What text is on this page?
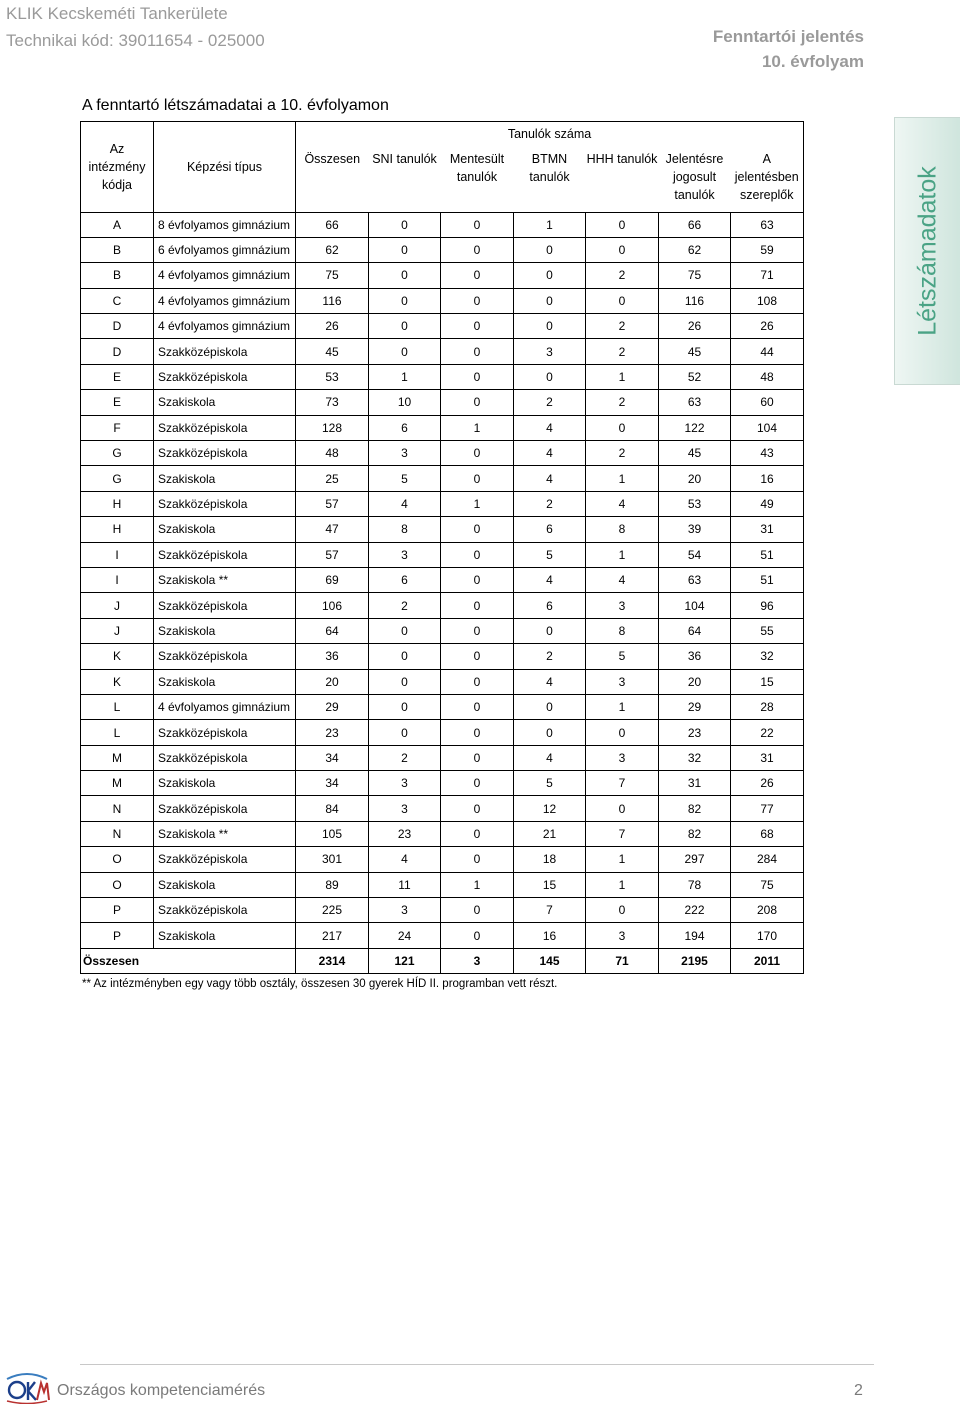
KLIK Kecskeméti Tankerülete
Technikai kód: 39011654 - 025000	Fenntartói jelentés
10. évfolyam
A fenntartó létszámadatai a 10. évfolyamon
Az intézmény kódja	Képzési típus	Tanulók száma						
		Összesen	SNI tanulók	Mentesült tanulók	BTMN tanulók	HHH tanulók	Jelentésre jogosult tanulók	A jelentésben szereplők
A	8 évfolyamos gimnázium	66	0	0	1	0	66	63
B	6 évfolyamos gimnázium	62	0	0	0	0	62	59
B	4 évfolyamos gimnázium	75	0	0	0	2	75	71
C	4 évfolyamos gimnázium	116	0	0	0	0	116	108
D	4 évfolyamos gimnázium	26	0	0	0	2	26	26
D	Szakközépiskola	45	0	0	3	2	45	44
E	Szakközépiskola	53	1	0	0	1	52	48
E	Szakiskola	73	10	0	2	2	63	60
F	Szakközépiskola	128	6	1	4	0	122	104
G	Szakközépiskola	48	3	0	4	2	45	43
G	Szakiskola	25	5	0	4	1	20	16
H	Szakközépiskola	57	4	1	2	4	53	49
H	Szakiskola	47	8	0	6	8	39	31
I	Szakközépiskola	57	3	0	5	1	54	51
I	Szakiskola **	69	6	0	4	4	63	51
J	Szakközépiskola	106	2	0	6	3	104	96
J	Szakiskola	64	0	0	0	8	64	55
K	Szakközépiskola	36	0	0	2	5	36	32
K	Szakiskola	20	0	0	4	3	20	15
L	4 évfolyamos gimnázium	29	0	0	0	1	29	28
L	Szakközépiskola	23	0	0	0	0	23	22
M	Szakközépiskola	34	2	0	4	3	32	31
M	Szakiskola	34	3	0	5	7	31	26
N	Szakközépiskola	84	3	0	12	0	82	77
N	Szakiskola **	105	23	0	21	7	82	68
O	Szakközépiskola	301	4	0	18	1	297	284
O	Szakiskola	89	11	1	15	1	78	75
P	Szakközépiskola	225	3	0	7	0	222	208
P	Szakiskola	217	24	0	16	3	194	170
Összesen		2314	121	3	145	71	2195	2011
** Az intézményben egy vagy több osztály, összesen 30 gyerek HÍD II. programban vett részt.
Létszámadatok
Országos kompetenciamérés	2
